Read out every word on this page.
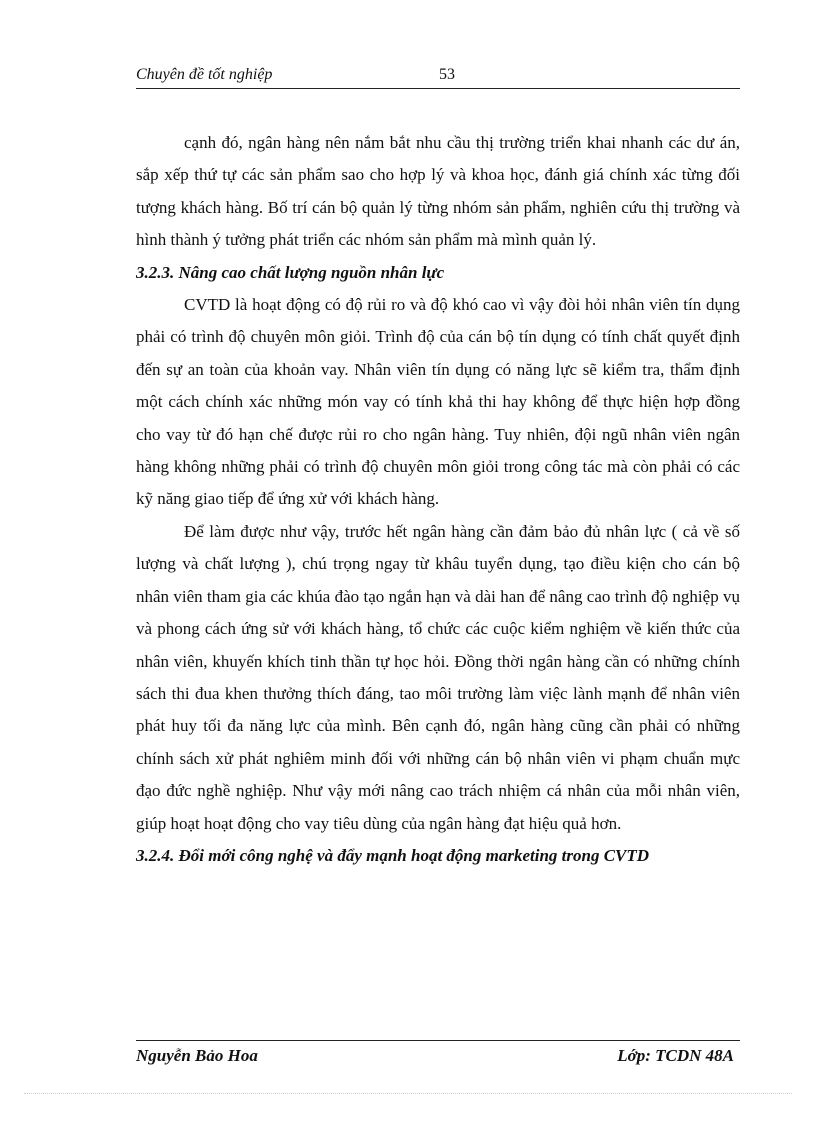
Chuyên đề tốt nghiệp	53

cạnh đó, ngân hàng nên nắm bắt nhu cầu thị trường triển khai nhanh các dư án, sắp xếp thứ tự các sản phẩm sao cho hợp lý và khoa học, đánh giá chính xác từng đối tượng khách hàng. Bố trí cán bộ quản lý từng nhóm sản phẩm, nghiên cứu thị trường và hình thành ý tưởng phát triển các nhóm sản phẩm mà mình quản lý.

3.2.3. Nâng cao chất lượng nguồn nhân lực

CVTD là hoạt động có độ rủi ro và độ khó cao vì vậy đòi hỏi nhân viên tín dụng phải có trình độ chuyên môn giỏi. Trình độ của cán bộ tín dụng có tính chất quyết định đến sự an toàn của khoản vay. Nhân viên tín dụng có năng lực sẽ kiểm tra, thẩm định một cách chính xác những món vay có tính khả thi hay không để thực hiện hợp đồng cho vay từ đó hạn chế được rủi ro cho ngân hàng. Tuy nhiên, đội ngũ nhân viên ngân hàng không những phải có trình độ chuyên môn giỏi trong công tác mà còn phải có các kỹ năng giao tiếp để ứng xử với khách hàng.

Để làm được như vậy, trước hết ngân hàng cần đảm bảo đủ nhân lực ( cả về số lượng và chất lượng ), chú trọng ngay từ khâu tuyển dụng, tạo điều kiện cho cán bộ nhân viên tham gia các khúa đào tạo ngắn hạn và dài han để nâng cao trình độ nghiệp vụ và phong cách ứng sử với khách hàng, tổ chức các cuộc kiểm nghiệm về kiến thức của nhân viên, khuyến khích tinh thần tự học hỏi. Đồng thời ngân hàng cần có những chính sách thi đua khen thưởng thích đáng, tao môi trường làm việc lành mạnh để nhân viên phát huy tối đa năng lực của mình. Bên cạnh đó, ngân hàng cũng cần phải có những chính sách xử phát nghiêm minh đối với những cán bộ nhân viên vi phạm chuẩn mực đạo đức nghề nghiệp. Như vậy mới nâng cao trách nhiệm cá nhân của mỗi nhân viên, giúp hoạt hoạt động cho vay tiêu dùng của ngân hàng đạt hiệu quả hơn.

3.2.4. Đổi mới công nghệ và đẩy mạnh hoạt động marketing trong CVTD
Nguyễn Bảo Hoa	Lớp: TCDN 48A
